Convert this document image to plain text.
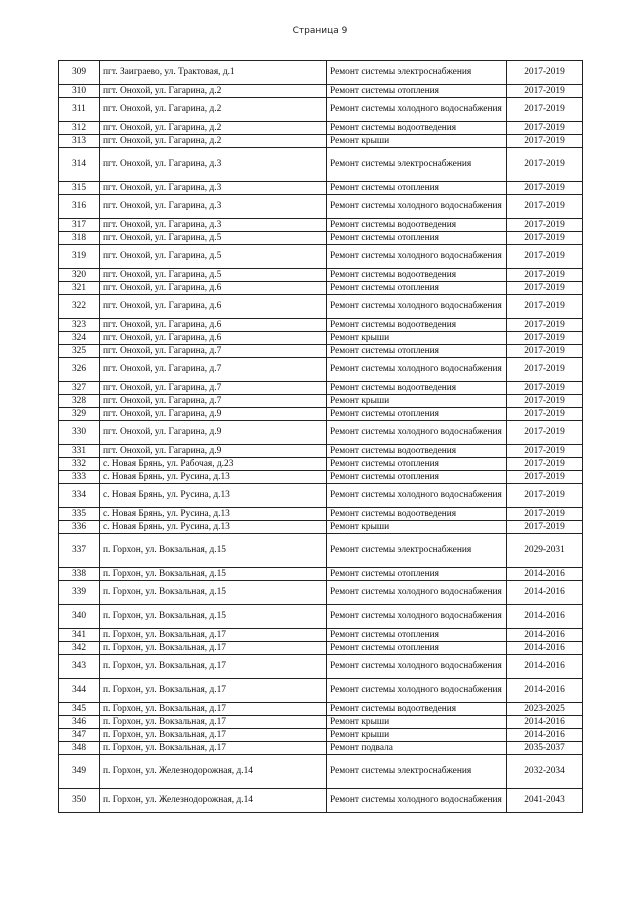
Страница 9
309	пгт. Заиграево, ул. Трактовая, д.1	Ремонт системы электроснабжения	2017-2019
310	пгт. Онохой, ул. Гагарина, д.2	Ремонт системы отопления	2017-2019
311	пгт. Онохой, ул. Гагарина, д.2	Ремонт системы холодного водоснабжения	2017-2019
312	пгт. Онохой, ул. Гагарина, д.2	Ремонт системы водоотведения	2017-2019
313	пгт. Онохой, ул. Гагарина, д.2	Ремонт крыши	2017-2019
314	пгт. Онохой, ул. Гагарина, д.3	Ремонт системы электроснабжения	2017-2019
315	пгт. Онохой, ул. Гагарина, д.3	Ремонт системы отопления	2017-2019
316	пгт. Онохой, ул. Гагарина, д.3	Ремонт системы холодного водоснабжения	2017-2019
317	пгт. Онохой, ул. Гагарина, д.3	Ремонт системы водоотведения	2017-2019
318	пгт. Онохой, ул. Гагарина, д.5	Ремонт системы отопления	2017-2019
319	пгт. Онохой, ул. Гагарина, д.5	Ремонт системы холодного водоснабжения	2017-2019
320	пгт. Онохой, ул. Гагарина, д.5	Ремонт системы водоотведения	2017-2019
321	пгт. Онохой, ул. Гагарина, д.6	Ремонт системы отопления	2017-2019
322	пгт. Онохой, ул. Гагарина, д.6	Ремонт системы холодного водоснабжения	2017-2019
323	пгт. Онохой, ул. Гагарина, д.6	Ремонт системы водоотведения	2017-2019
324	пгт. Онохой, ул. Гагарина, д.6	Ремонт крыши	2017-2019
325	пгт. Онохой, ул. Гагарина, д.7	Ремонт системы отопления	2017-2019
326	пгт. Онохой, ул. Гагарина, д.7	Ремонт системы холодного водоснабжения	2017-2019
327	пгт. Онохой, ул. Гагарина, д.7	Ремонт системы водоотведения	2017-2019
328	пгт. Онохой, ул. Гагарина, д.7	Ремонт крыши	2017-2019
329	пгт. Онохой, ул. Гагарина, д.9	Ремонт системы отопления	2017-2019
330	пгт. Онохой, ул. Гагарина, д.9	Ремонт системы холодного водоснабжения	2017-2019
331	пгт. Онохой, ул. Гагарина, д.9	Ремонт системы водоотведения	2017-2019
332	с. Новая Брянь, ул. Рабочая, д.23	Ремонт системы отопления	2017-2019
333	с. Новая Брянь, ул. Русина, д.13	Ремонт системы отопления	2017-2019
334	с. Новая Брянь, ул. Русина, д.13	Ремонт системы холодного водоснабжения	2017-2019
335	с. Новая Брянь, ул. Русина, д.13	Ремонт системы водоотведения	2017-2019
336	с. Новая Брянь, ул. Русина, д.13	Ремонт крыши	2017-2019
337	п. Горхон, ул. Вокзальная, д.15	Ремонт системы электроснабжения	2029-2031
338	п. Горхон, ул. Вокзальная, д.15	Ремонт системы отопления	2014-2016
339	п. Горхон, ул. Вокзальная, д.15	Ремонт системы холодного водоснабжения	2014-2016
340	п. Горхон, ул. Вокзальная, д.15	Ремонт системы холодного водоснабжения	2014-2016
341	п. Горхон, ул. Вокзальная, д.17	Ремонт системы отопления	2014-2016
342	п. Горхон, ул. Вокзальная, д.17	Ремонт системы отопления	2014-2016
343	п. Горхон, ул. Вокзальная, д.17	Ремонт системы холодного водоснабжения	2014-2016
344	п. Горхон, ул. Вокзальная, д.17	Ремонт системы холодного водоснабжения	2014-2016
345	п. Горхон, ул. Вокзальная, д.17	Ремонт системы водоотведения	2023-2025
346	п. Горхон, ул. Вокзальная, д.17	Ремонт крыши	2014-2016
347	п. Горхон, ул. Вокзальная, д.17	Ремонт крыши	2014-2016
348	п. Горхон, ул. Вокзальная, д.17	Ремонт подвала	2035-2037
349	п. Горхон, ул. Железнодорожная, д.14	Ремонт системы электроснабжения	2032-2034
350	п. Горхон, ул. Железнодорожная, д.14	Ремонт системы холодного водоснабжения	2041-2043
